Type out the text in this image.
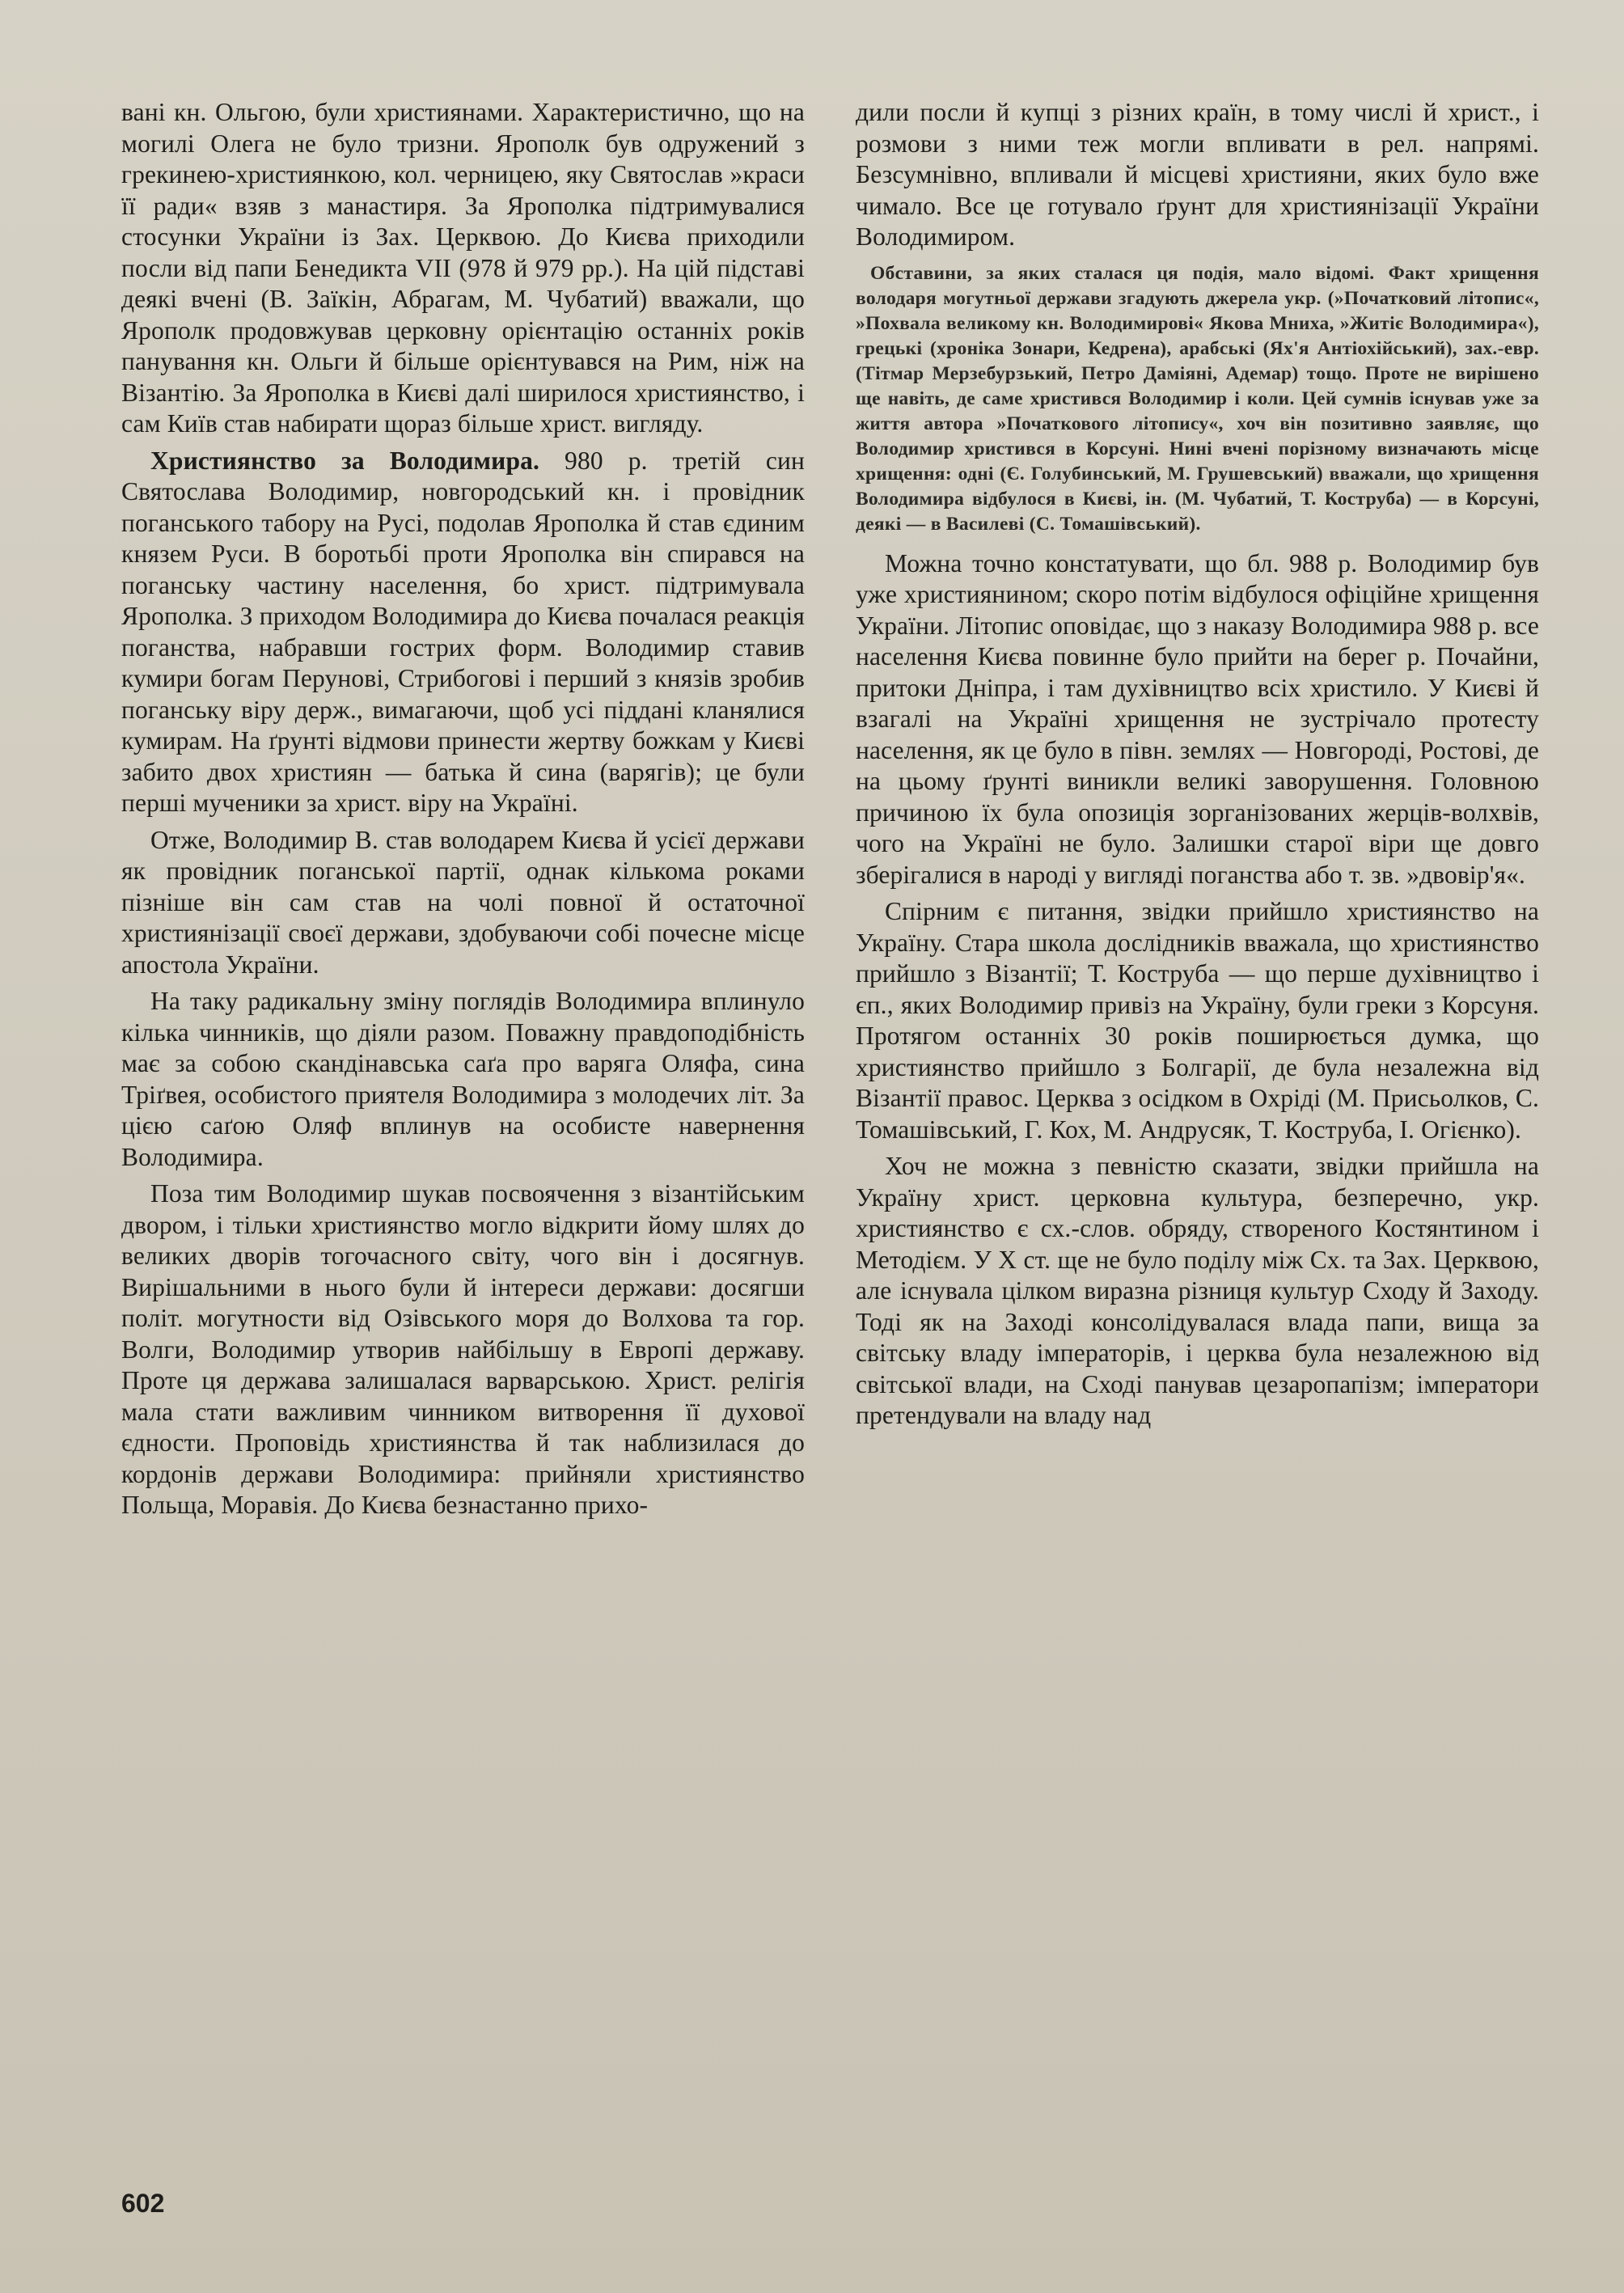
вані кн. Ольгою, були християнами. Характеристично, що на могилі Олега не було тризни. Ярополк був одружений з грекинею-християнкою, кол. черницею, яку Святослав »краси її ради« взяв з манастиря. За Ярополка підтримувалися стосунки України із Зах. Церквою. До Києва приходили посли від папи Бенедикта VII (978 й 979 рр.). На цій підставі деякі вчені (В. Заїкін, Абрагам, М. Чубатий) вважали, що Ярополк продовжував церковну орієнтацію останніх років панування кн. Ольги й більше орієнтувався на Рим, ніж на Візантію. За Ярополка в Києві далі ширилося християнство, і сам Київ став набирати щораз більше христ. вигляду.

Християнство за Володимира. 980 р. третій син Святослава Володимир, новгородський кн. і провідник поганського табору на Русі, подолав Ярополка й став єдиним князем Руси. В боротьбі проти Ярополка він спирався на поганську частину населення, бо христ. підтримувала Ярополка. З приходом Володимира до Києва почалася реакція поганства, набравши гострих форм. Володимир ставив кумири богам Перунові, Стрибогові і перший з князів зробив поганську віру держ., вимагаючи, щоб усі піддані кланялися кумирам. На ґрунті відмови принести жертву божкам у Києві забито двох християн — батька й сина (варягів); це були перші мученики за христ. віру на Україні.

Отже, Володимир В. став володарем Києва й усієї держави як провідник поганської партії, однак кількома роками пізніше він сам став на чолі повної й остаточної християнізації своєї держави, здобуваючи собі почесне місце апостола України.

На таку радикальну зміну поглядів Володимира вплинуло кілька чинників, що діяли разом. Поважну правдоподібність має за собою скандінавська саґа про варяга Оляфа, сина Тріґвея, особистого приятеля Володимира з молодечих літ. За цією саґою Оляф вплинув на особисте навернення Володимира.

Поза тим Володимир шукав посвоячення з візантійським двором, і тільки християнство могло відкрити йому шлях до великих дворів тогочасного світу, чого він і досягнув. Вирішальними в нього були й інтереси держави: досягши політ. могутности від Озівського моря до Волхова та гор. Волги, Володимир утворив найбільшу в Европі державу. Проте ця держава залишалася варварською. Христ. релігія мала стати важливим чинником витворення її духової єдности. Проповідь християнства й так наблизилася до кордонів держави Володимира: прийняли християнство Польща, Моравія. До Києва безнастанно прихо-

дили посли й купці з різних країн, в тому числі й христ., і розмови з ними теж могли впливати в рел. напрямі. Безсумнівно, впливали й місцеві християни, яких було вже чимало. Все це готувало ґрунт для християнізації України Володимиром.

Обставини, за яких сталася ця подія, мало відомі. Факт хрищення володаря могутньої держави згадують джерела укр. (»Початковий літопис«, »Похвала великому кн. Володимирові« Якова Мниха, »Житіє Володимира«), грецькі (хроніка Зонари, Кедрена), арабські (Ях'я Антіохійський), зах.-евр. (Тітмар Мерзебурзький, Петро Даміяні, Адемар) тощо. Проте не вирішено ще навіть, де саме христився Володимир і коли. Цей сумнів існував уже за життя автора »Початкового літопису«, хоч він позитивно заявляє, що Володимир христився в Корсуні. Нині вчені порізному визначають місце хрищення: одні (Є. Голубинський, М. Грушевський) вважали, що хрищення Володимира відбулося в Києві, ін. (М. Чубатий, Т. Коструба) — в Корсуні, деякі — в Василеві (С. Томашівський).

Можна точно констатувати, що бл. 988 р. Володимир був уже християнином; скоро потім відбулося офіційне хрищення України. Літопис оповідає, що з наказу Володимира 988 р. все населення Києва повинне було прийти на берег р. Почайни, притоки Дніпра, і там духівництво всіх христило. У Києві й взагалі на Україні хрищення не зустрічало протесту населення, як це було в півн. землях — Новгороді, Ростові, де на цьому ґрунті виникли великі заворушення. Головною причиною їх була опозиція зорганізованих жерців-волхвів, чого на Україні не було. Залишки старої віри ще довго зберігалися в народі у вигляді поганства або т. зв. »двовір'я«.

Спірним є питання, звідки прийшло християнство на Україну. Стара школа дослідників вважала, що християнство прийшло з Візантії; Т. Коструба — що перше духівництво і єп., яких Володимир привіз на Україну, були греки з Корсуня. Протягом останніх 30 років поширюється думка, що християнство прийшло з Болгарії, де була незалежна від Візантії правос. Церква з осідком в Охріді (М. Присьолков, С. Томашівський, Г. Кох, М. Андрусяк, Т. Коструба, І. Огієнко).

Хоч не можна з певністю сказати, звідки прийшла на Україну христ. церковна культура, безперечно, укр. християнство є сх.-слов. обряду, створеного Костянтином і Методієм. У X ст. ще не було поділу між Сх. та Зах. Церквою, але існувала цілком виразна різниця культур Сходу й Заходу. Тоді як на Заході консолідувалася влада папи, вища за світську владу імператорів, і церква була незалежною від світської влади, на Сході панував цезаропапізм; імператори претендували на владу над

602
